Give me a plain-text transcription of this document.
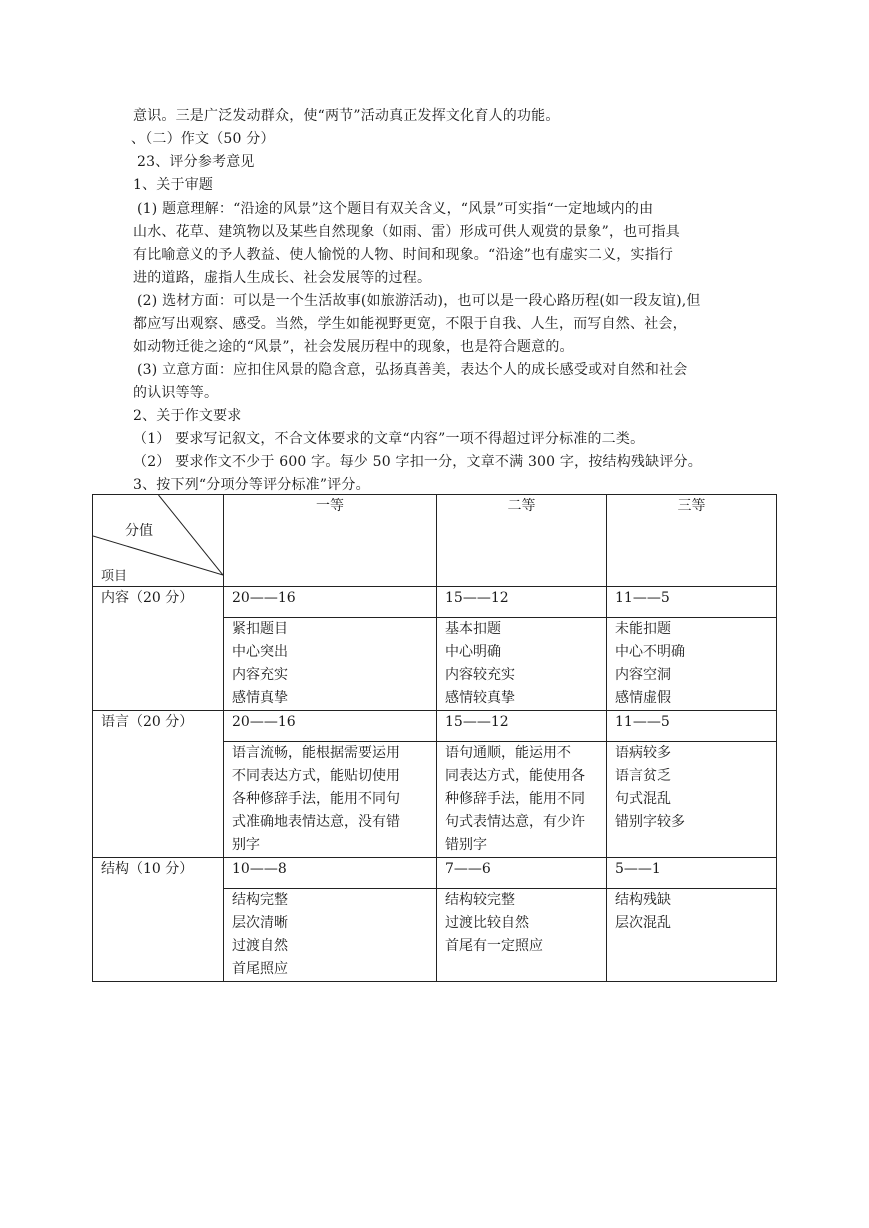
意识。三是广泛发动群众，使“两节”活动真正发挥文化育人的功能。
、（二）作文（50 分）
23、评分参考意见
1、关于审题
(1) 题意理解：“沿途的风景”这个题目有双关含义，“风景”可实指“一定地域内的由
山水、花草、建筑物以及某些自然现象（如雨、雷）形成可供人观赏的景象”，也可指具
有比喻意义的予人教益、使人愉悦的人物、时间和现象。“沿途”也有虚实二义，实指行
进的道路，虚指人生成长、社会发展等的过程。
(2) 选材方面：可以是一个生活故事(如旅游活动)，也可以是一段心路历程(如一段友谊),但
都应写出观察、感受。当然，学生如能视野更宽，不限于自我、人生，而写自然、社会，
如动物迁徙之途的“风景”，社会发展历程中的现象，也是符合题意的。
(3) 立意方面：应扣住风景的隐含意，弘扬真善美，表达个人的成长感受或对自然和社会
的认识等等。
2、关于作文要求
（1） 要求写记叙文，不合文体要求的文章“内容”一项不得超过评分标准的二类。
（2） 要求作文不少于 600 字。每少 50 字扣一分，文章不满 300 字，按结构残缺评分。
3、按下列“分项分等评分标准”评分。
分值
项目	一等	二等	三等
内容（20 分）	20——16	15——12	11——5

	紧扣题目
中心突出
内容充实
感情真挚	基本扣题
中心明确
内容较充实
感情较真挚	未能扣题
中心不明确
内容空洞
感情虚假

语言（20 分）	20——16	15——12	11——5

	语言流畅，能根据需要运用
不同表达方式，能贴切使用
各种修辞手法，能用不同句
式准确地表情达意，没有错
别字	语句通顺，能运用不
同表达方式，能使用各
种修辞手法，能用不同
句式表情达意，有少许
错别字	语病较多
语言贫乏
句式混乱
错别字较多

结构（10 分）	10——8	7——6	5——1

	结构完整
层次清晰
过渡自然
首尾照应	结构较完整
过渡比较自然
首尾有一定照应	结构残缺
层次混乱
